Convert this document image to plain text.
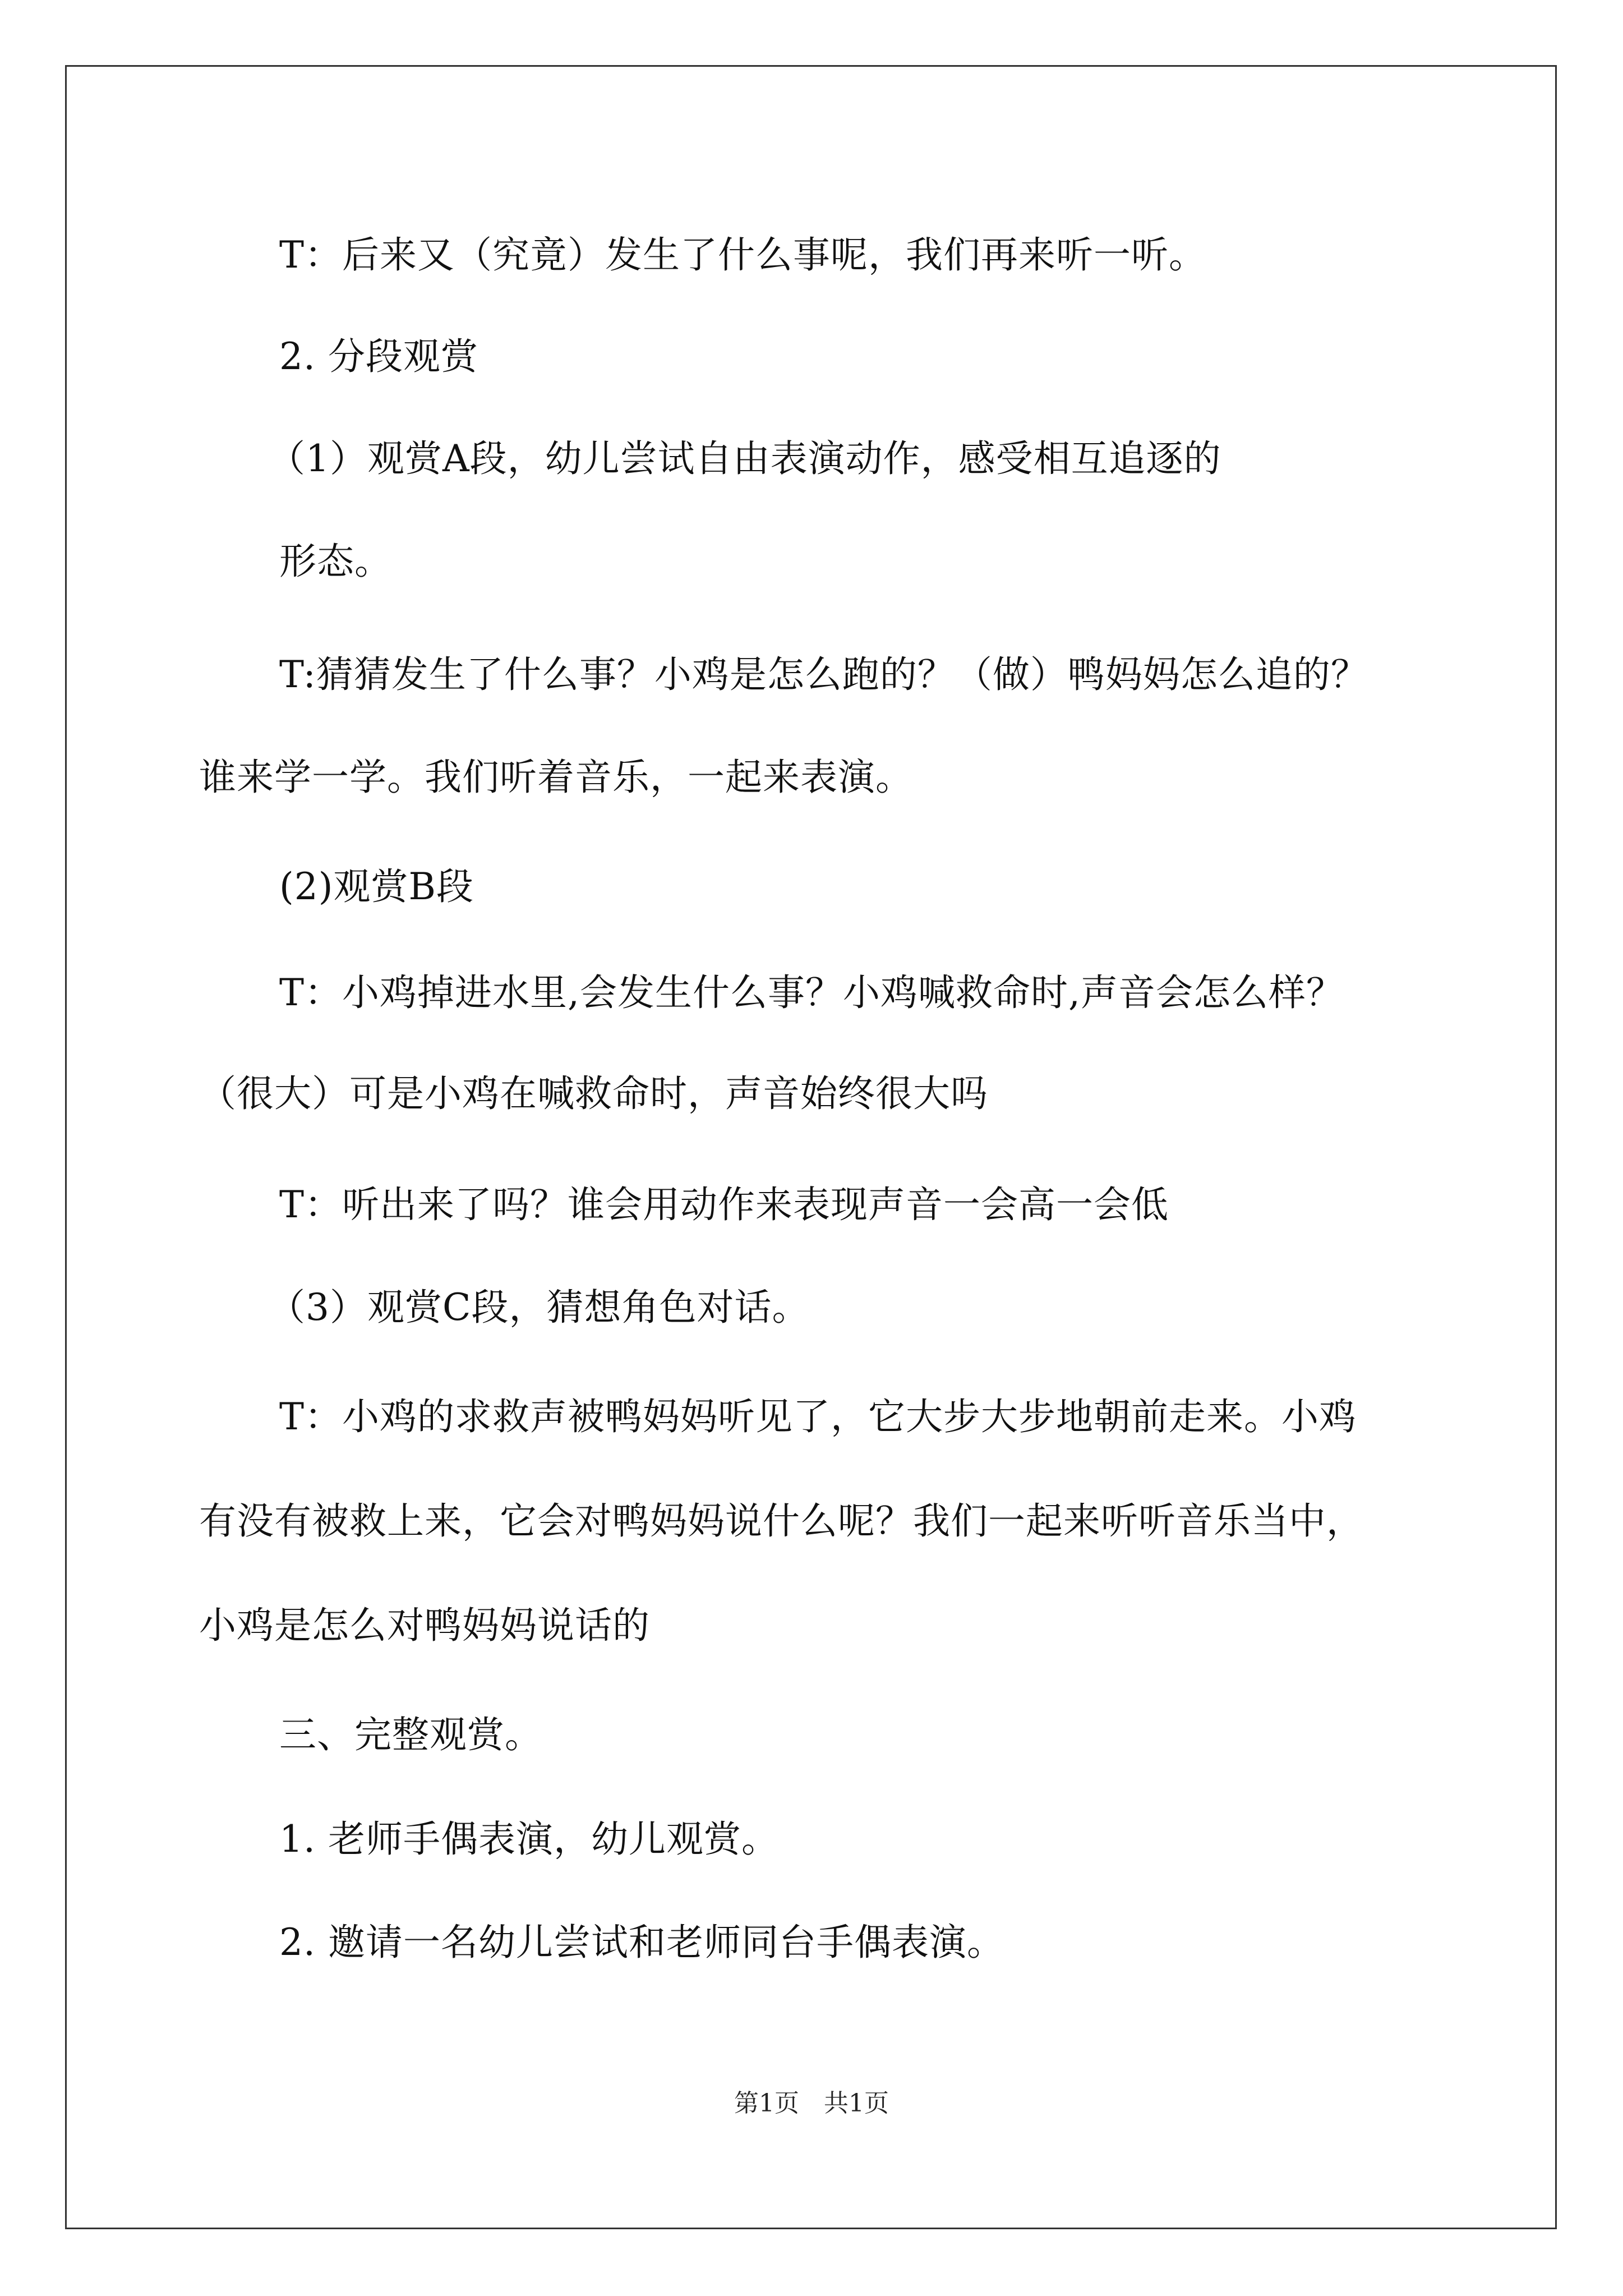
T：后来又（究竟）发生了什么事呢，我们再来听一听。
2. 分段观赏
（1）观赏A段，幼儿尝试自由表演动作，感受相互追逐的
形态。
T:猜猜发生了什么事？小鸡是怎么跑的？（做）鸭妈妈怎么追的？
谁来学一学。我们听着音乐，一起来表演。
(2)观赏B段
T：小鸡掉进水里,会发生什么事？小鸡喊救命时,声音会怎么样？
（很大）可是小鸡在喊救命时，声音始终很大吗
T：听出来了吗？谁会用动作来表现声音一会高一会低
（3）观赏C段，猜想角色对话。
T：小鸡的求救声被鸭妈妈听见了，它大步大步地朝前走来。小鸡
有没有被救上来，它会对鸭妈妈说什么呢？我们一起来听听音乐当中，
小鸡是怎么对鸭妈妈说话的
三、完整观赏。
1. 老师手偶表演，幼儿观赏。
2. 邀请一名幼儿尝试和老师同台手偶表演。
第1页　共1页
